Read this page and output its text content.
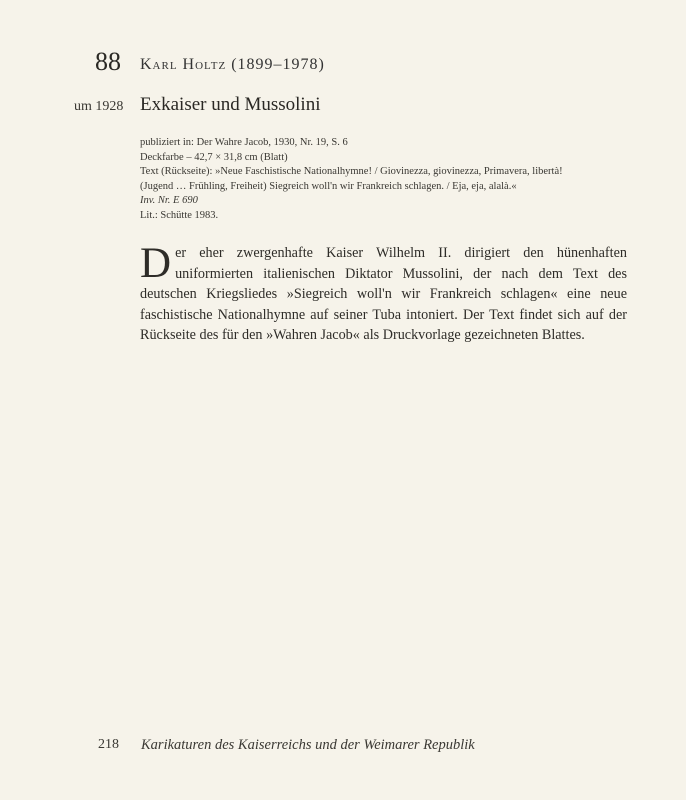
88 Karl Holtz (1899–1978)
um 1928 Exkaiser und Mussolini
publiziert in: Der Wahre Jacob, 1930, Nr. 19, S. 6
Deckfarbe – 42,7 × 31,8 cm (Blatt)
Text (Rückseite): »Neue Faschistische Nationalhymne! / Giovinezza, giovinezza, Primavera, libertà!
(Jugend … Frühling, Freiheit) Siegreich woll'n wir Frankreich schlagen. / Eja, eja, alalà.«
Inv. Nr. E 690
Lit.: Schütte 1983.
Der eher zwergenhafte Kaiser Wilhelm II. dirigiert den hünenhaften uniformierten italienischen Diktator Mussolini, der nach dem Text des deutschen Kriegsliedes »Siegreich woll'n wir Frankreich schlagen« eine neue faschistische Nationalhymne auf seiner Tuba intoniert. Der Text findet sich auf der Rückseite des für den »Wahren Jacob« als Druckvorlage gezeichneten Blattes.
218 Karikaturen des Kaiserreichs und der Weimarer Republik
